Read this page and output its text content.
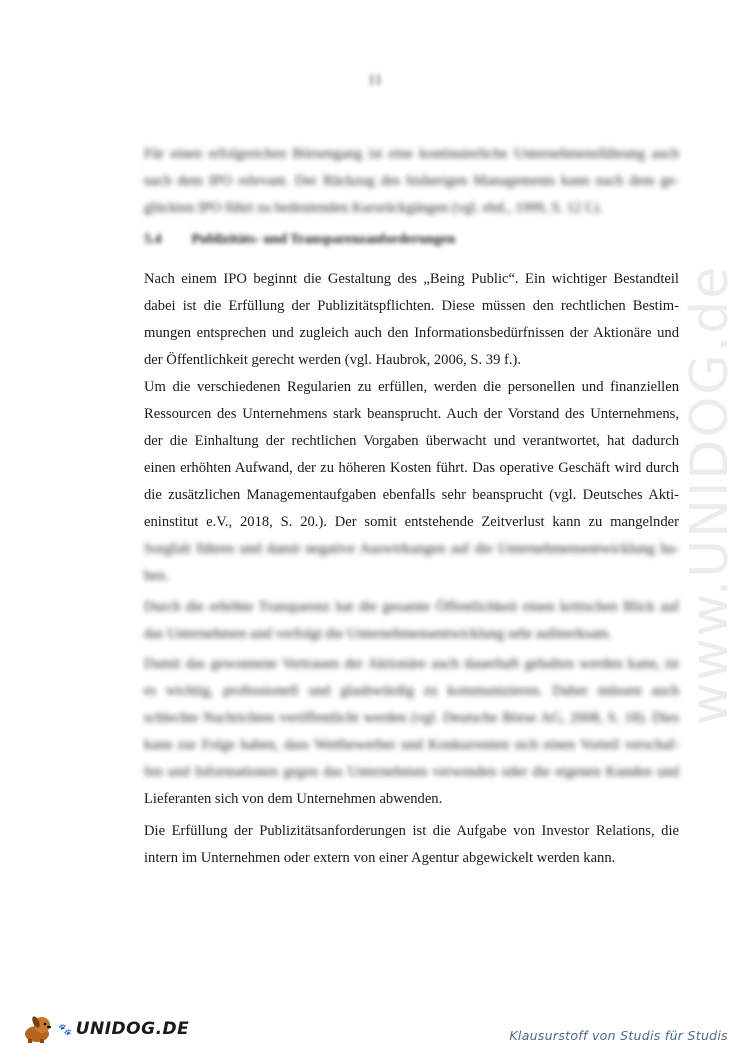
11
Für einen erfolgreichen Börsengang ist eine kontinuierliche Unternehmensführung auch
nach dem IPO relevant. Der Rückzug des bisherigen Managements kann nach dem ge-
glückten IPO führt zu bedeutenden Kursrückgängen (vgl. ebd., 1999, S. 12 f.).
5.4 Publizitäts- und Transparenzanforderungen
Nach einem IPO beginnt die Gestaltung des „Being Public“. Ein wichtiger Bestandteil
dabei ist die Erfüllung der Publizitätspflichten. Diese müssen den rechtlichen Bestim-
mungen entsprechen und zugleich auch den Informationsbedürfnissen der Aktionäre und
der Öffentlichkeit gerecht werden (vgl. Haubrok, 2006, S. 39 f.).
Um die verschiedenen Regularien zu erfüllen, werden die personellen und finanziellen
Ressourcen des Unternehmens stark beansprucht. Auch der Vorstand des Unternehmens,
der die Einhaltung der rechtlichen Vorgaben überwacht und verantwortet, hat dadurch
einen erhöhten Aufwand, der zu höheren Kosten führt. Das operative Geschäft wird durch
die zusätzlichen Managementaufgaben ebenfalls sehr beansprucht (vgl. Deutsches Akti-
eninstitut e.V., 2018, S. 20.). Der somit entstehende Zeitverlust kann zu mangelnder
Sorgfalt führen und damit negative Auswirkungen auf die Unternehmensentwicklung ha-
ben.
Durch die erhöhte Transparenz hat die gesamte Öffentlichkeit einen kritischen Blick auf
das Unternehmen und verfolgt die Unternehmensentwicklung sehr aufmerksam.
Damit das gewonnene Vertrauen der Aktionäre auch dauerhaft gehalten werden kann, ist
es wichtig, professionell und glaubwürdig zu kommunizieren. Daher müssen auch
schlechte Nachrichten veröffentlicht werden (vgl. Deutsche Börse AG, 2008, S. 18). Dies
kann zur Folge haben, dass Wettbewerber und Konkurrenten sich einen Vorteil verschaf-
fen und Informationen gegen das Unternehmen verwenden oder die eigenen Kunden und
Lieferanten sich von dem Unternehmen abwenden.
Die Erfüllung der Publizitätsanforderungen ist die Aufgabe von Investor Relations, die
intern im Unternehmen oder extern von einer Agentur abgewickelt werden kann.
www.UNIDOG.de
🐾 UNIDOG.DE	Klausurstoff von Studis für Studis
